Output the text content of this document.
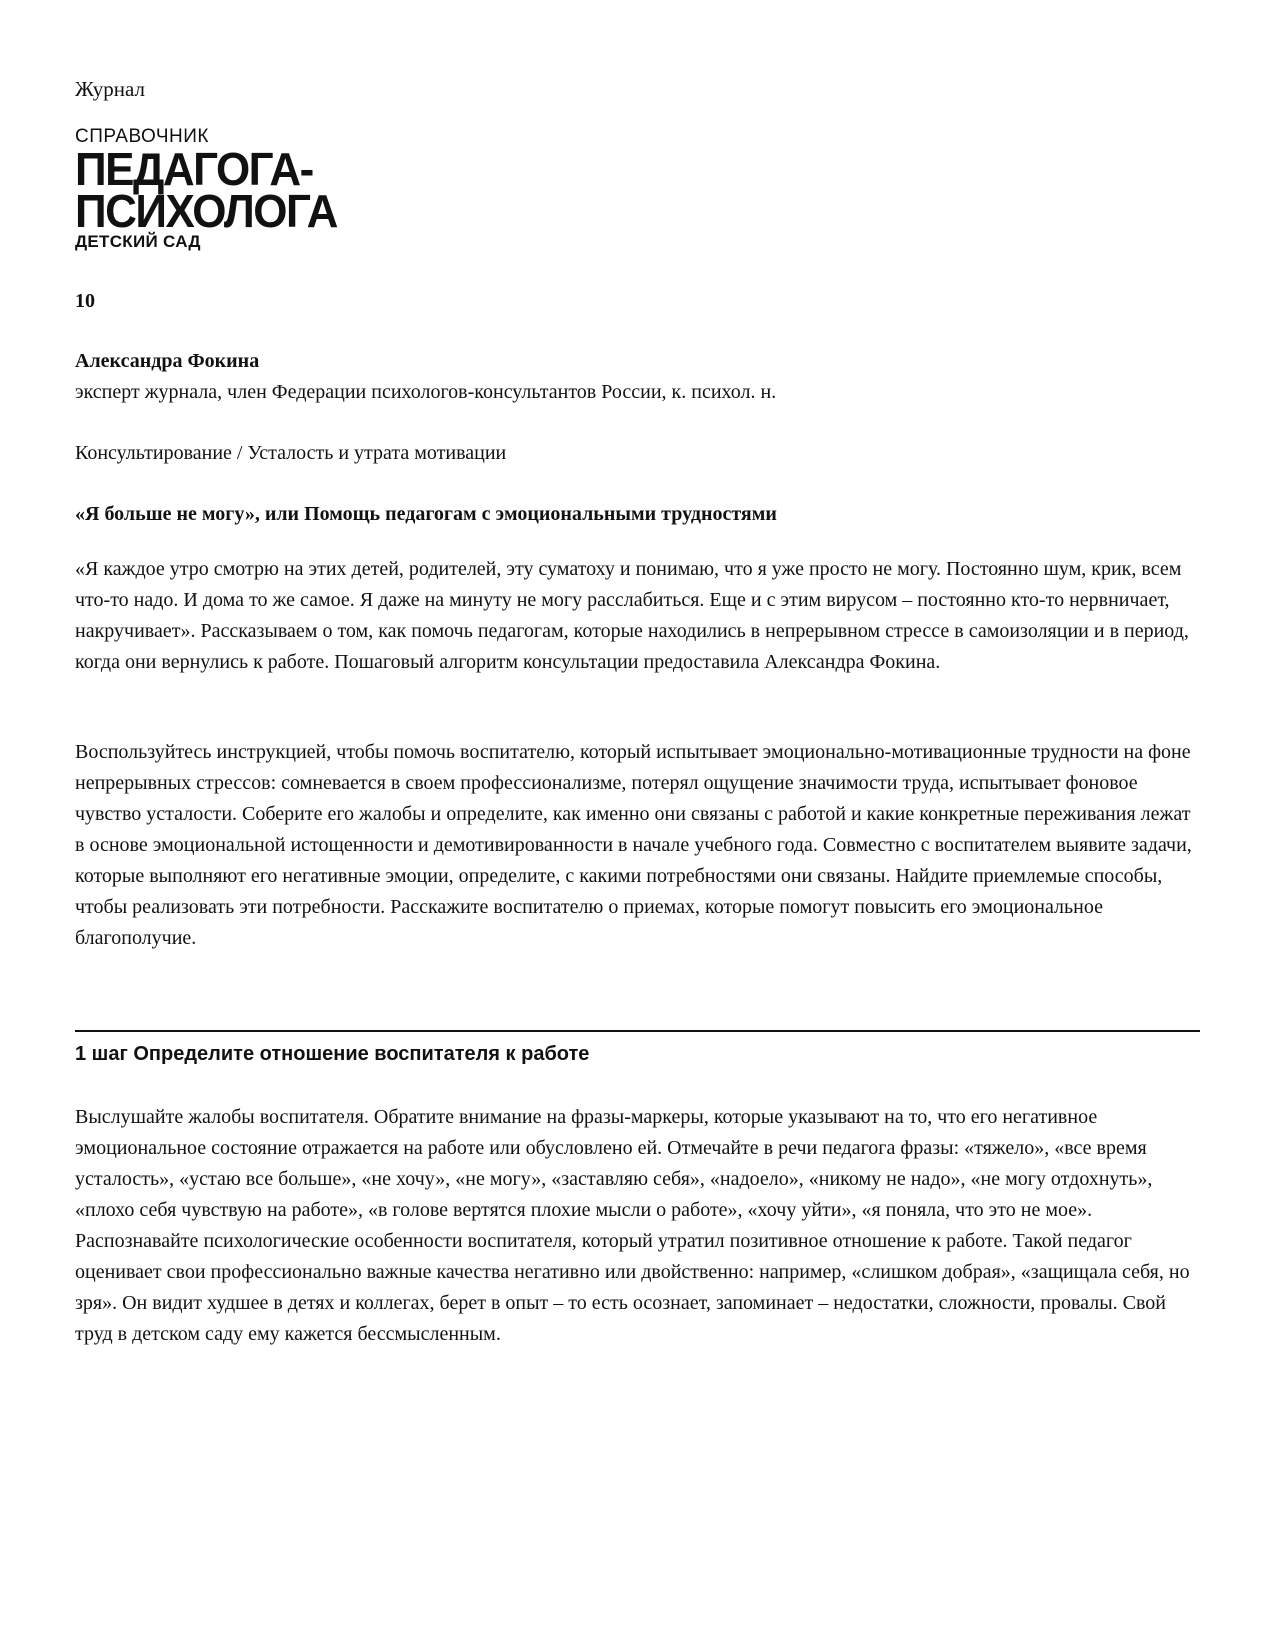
Журнал
СПРАВОЧНИК
ПЕДАГОГА-
ПСИХОЛОГА
ДЕТСКИЙ САД
10
Александра Фокина
эксперт журнала, член Федерации психологов-консультантов России, к. психол. н.
Консультирование / Усталость и утрата мотивации
«Я больше не могу», или Помощь педагогам с эмоциональными трудностями

«Я каждое утро смотрю на этих детей, родителей, эту суматоху и понимаю, что я уже просто не могу. Постоянно шум, крик, всем что-то надо. И дома то же самое. Я даже на минуту не могу расслабиться. Еще и с этим вирусом – постоянно кто-то нервничает, накручивает». Рассказываем о том, как помочь педагогам, которые находились в непрерывном стрессе в самоизоляции и в период, когда они вернулись к работе. Пошаговый алгоритм консультации предоставила Александра Фокина.

Воспользуйтесь инструкцией, чтобы помочь воспитателю, который испытывает эмоционально-мотивационные трудности на фоне непрерывных стрессов: сомневается в своем профессионализме, потерял ощущение значимости труда, испытывает фоновое чувство усталости. Соберите его жалобы и определите, как именно они связаны с работой и какие конкретные переживания лежат в основе эмоциональной истощенности и демотивированности в начале учебного года. Совместно с воспитателем выявите задачи, которые выполняют его негативные эмоции, определите, с какими потребностями они связаны. Найдите приемлемые способы, чтобы реализовать эти потребности. Расскажите воспитателю о приемах, которые помогут повысить его эмоциональное благополучие.

1 шаг Определите отношение воспитателя к работе

Выслушайте жалобы воспитателя. Обратите внимание на фразы-маркеры, которые указывают на то, что его негативное эмоциональное состояние отражается на работе или обусловлено ей. Отмечайте в речи педагога фразы: «тяжело», «все время усталость», «устаю все больше», «не хочу», «не могу», «заставляю себя», «надоело», «никому не надо», «не могу отдохнуть», «плохо себя чувствую на работе», «в голове вертятся плохие мысли о работе», «хочу уйти», «я поняла, что это не мое». Распознавайте психологические особенности воспитателя, который утратил позитивное отношение к работе. Такой педагог оценивает свои профессионально важные качества негативно или двойственно: например, «слишком добрая», «защищала себя, но зря». Он видит худшее в детях и коллегах, берет в опыт – то есть осознает, запоминает – недостатки, сложности, провалы. Свой труд в детском саду ему кажется бессмысленным.
